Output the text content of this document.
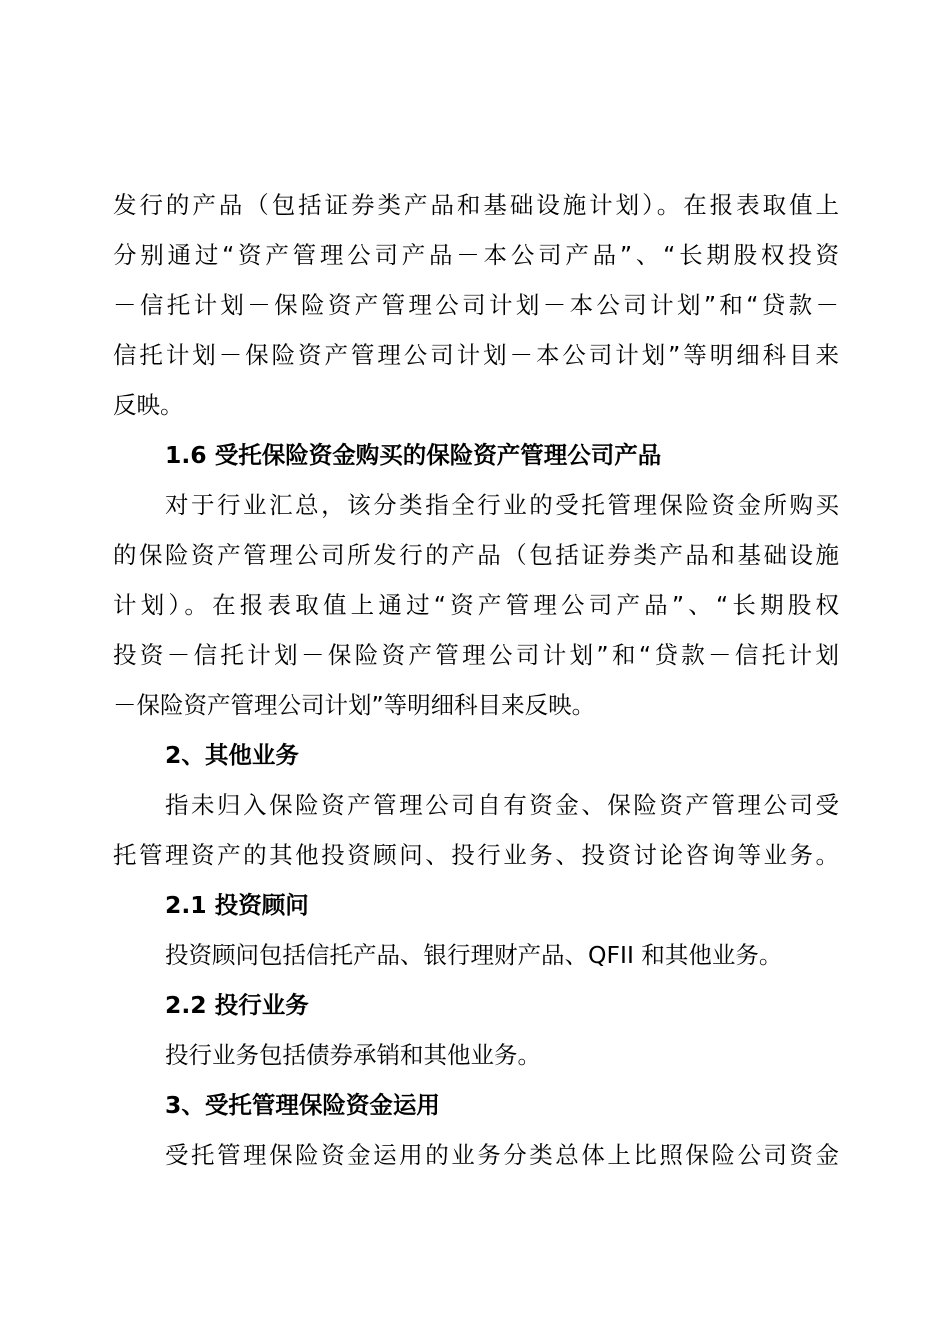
发行的产品（包括证券类产品和基础设施计划）。在报表取值上
分别通过“资产管理公司产品－本公司产品”、“长期股权投资
－信托计划－保险资产管理公司计划－本公司计划”和“贷款－
信托计划－保险资产管理公司计划－本公司计划”等明细科目来
反映。
1.6 受托保险资金购买的保险资产管理公司产品
对于行业汇总，该分类指全行业的受托管理保险资金所购买
的保险资产管理公司所发行的产品（包括证券类产品和基础设施
计划）。在报表取值上通过“资产管理公司产品”、“长期股权
投资－信托计划－保险资产管理公司计划”和“贷款－信托计划
－保险资产管理公司计划”等明细科目来反映。
2、其他业务
指未归入保险资产管理公司自有资金、保险资产管理公司受
托管理资产的其他投资顾问、投行业务、投资讨论咨询等业务。
2.1 投资顾问
投资顾问包括信托产品、银行理财产品、QFII 和其他业务。
2.2 投行业务
投行业务包括债券承销和其他业务。
3、受托管理保险资金运用
受托管理保险资金运用的业务分类总体上比照保险公司资金
